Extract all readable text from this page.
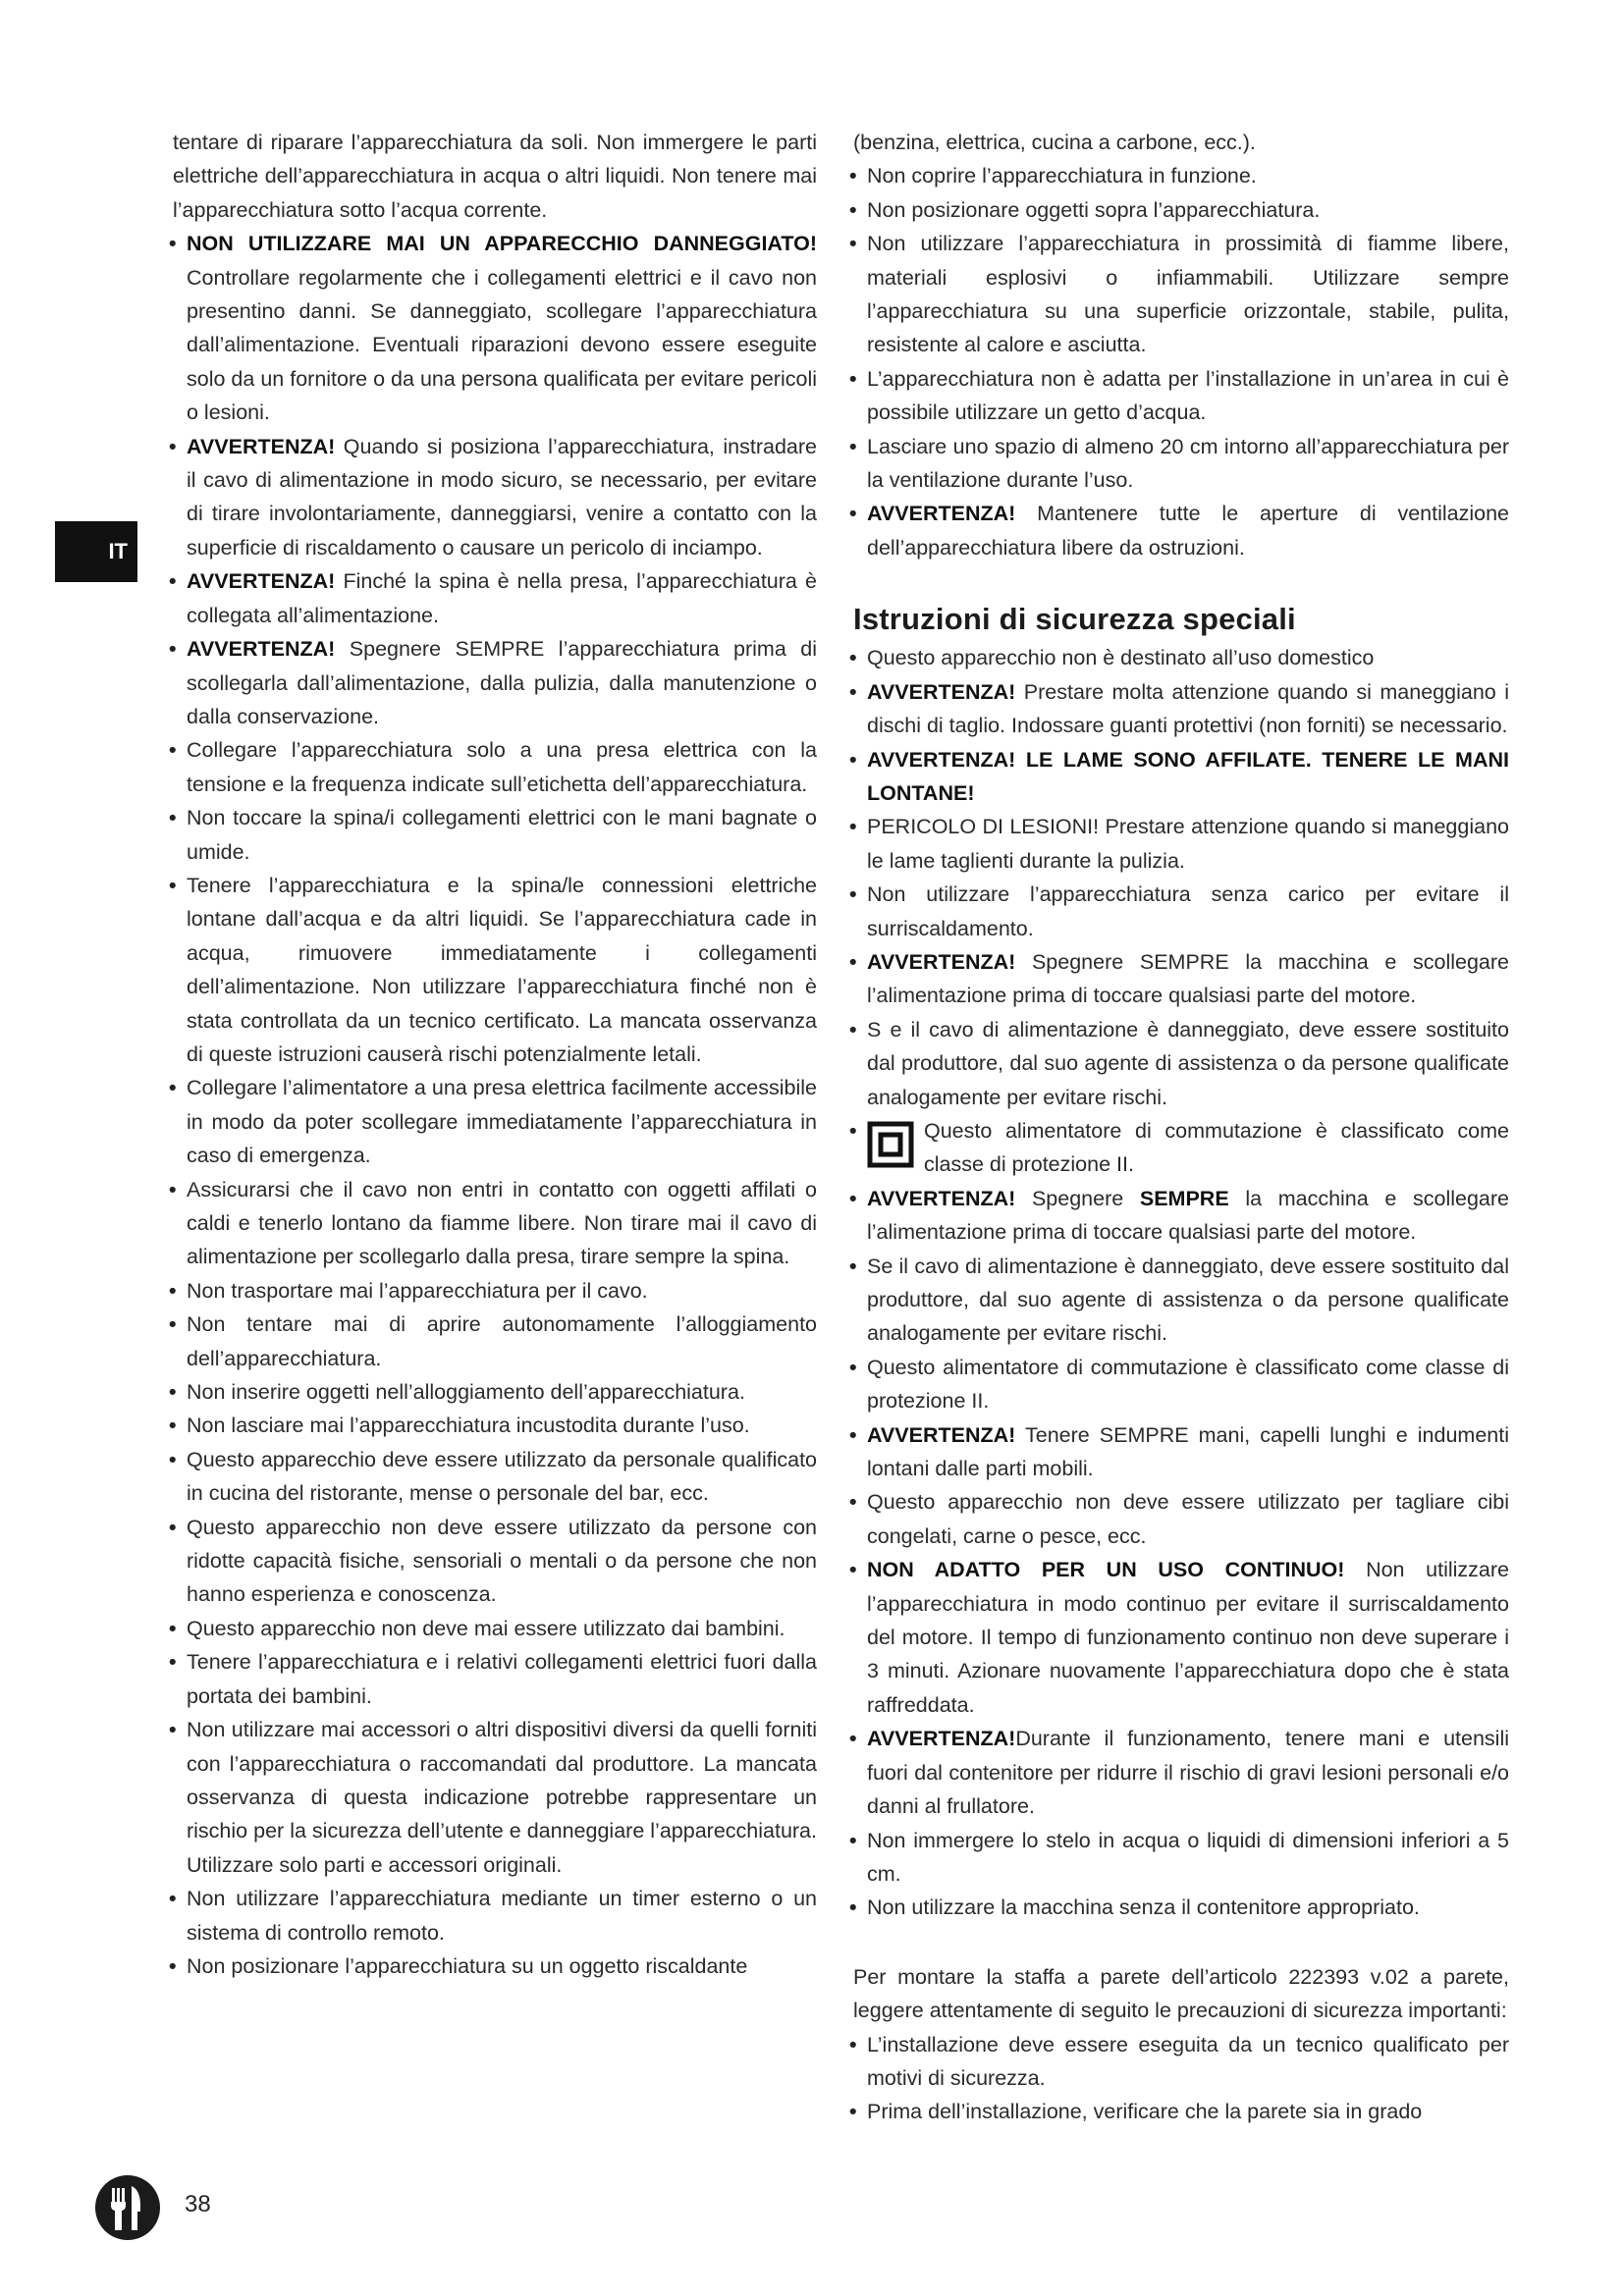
IT

tentare di riparare l’apparecchiatura da soli. Non immergere le parti elettriche dell’apparecchiatura in acqua o altri liquidi. Non tenere mai l’apparecchiatura sotto l’acqua corrente.

• NON UTILIZZARE MAI UN APPARECCHIO DANNEGGIATO! Controllare regolarmente che i collegamenti elettrici e il cavo non presentino danni. Se danneggiato, scollegare l’apparecchiatura dall’alimentazione. Eventuali riparazioni devono essere eseguite solo da un fornitore o da una persona qualificata per evitare pericoli o lesioni.
• AVVERTENZA! Quando si posiziona l’apparecchiatura, instradare il cavo di alimentazione in modo sicuro, se necessario, per evitare di tirare involontariamente, danneggiarsi, venire a contatto con la superficie di riscaldamento o causare un pericolo di inciampo.
• AVVERTENZA! Finché la spina è nella presa, l’apparecchiatura è collegata all’alimentazione.
• AVVERTENZA! Spegnere SEMPRE l’apparecchiatura prima di scollegarla dall’alimentazione, dalla pulizia, dalla manutenzione o dalla conservazione.
• Collegare l’apparecchiatura solo a una presa elettrica con la tensione e la frequenza indicate sull’etichetta dell’apparecchiatura.
• Non toccare la spina/i collegamenti elettrici con le mani bagnate o umide.
• Tenere l’apparecchiatura e la spina/le connessioni elettriche lontane dall’acqua e da altri liquidi. Se l’apparecchiatura cade in acqua, rimuovere immediatamente i collegamenti dell’alimentazione. Non utilizzare l’apparecchiatura finché non è stata controllata da un tecnico certificato. La mancata osservanza di queste istruzioni causerà rischi potenzialmente letali.
• Collegare l’alimentatore a una presa elettrica facilmente accessibile in modo da poter scollegare immediatamente l’apparecchiatura in caso di emergenza.
• Assicurarsi che il cavo non entri in contatto con oggetti affilati o caldi e tenerlo lontano da fiamme libere. Non tirare mai il cavo di alimentazione per scollegarlo dalla presa, tirare sempre la spina.
• Non trasportare mai l’apparecchiatura per il cavo.
• Non tentare mai di aprire autonomamente l’alloggiamento dell’apparecchiatura.
• Non inserire oggetti nell’alloggiamento dell’apparecchiatura.
• Non lasciare mai l’apparecchiatura incustodita durante l’uso.
• Questo apparecchio deve essere utilizzato da personale qualificato in cucina del ristorante, mense o personale del bar, ecc.
• Questo apparecchio non deve essere utilizzato da persone con ridotte capacità fisiche, sensoriali o mentali o da persone che non hanno esperienza e conoscenza.
• Questo apparecchio non deve mai essere utilizzato dai bambini.
• Tenere l’apparecchiatura e i relativi collegamenti elettrici fuori dalla portata dei bambini.
• Non utilizzare mai accessori o altri dispositivi diversi da quelli forniti con l’apparecchiatura o raccomandati dal produttore. La mancata osservanza di questa indicazione potrebbe rappresentare un rischio per la sicurezza dell’utente e danneggiare l’apparecchiatura. Utilizzare solo parti e accessori originali.
• Non utilizzare l’apparecchiatura mediante un timer esterno o un sistema di controllo remoto.
• Non posizionare l’apparecchiatura su un oggetto riscaldante

(benzina, elettrica, cucina a carbone, ecc.).

• Non coprire l’apparecchiatura in funzione.
• Non posizionare oggetti sopra l’apparecchiatura.
• Non utilizzare l’apparecchiatura in prossimità di fiamme libere, materiali esplosivi o infiammabili. Utilizzare sempre l’apparecchiatura su una superficie orizzontale, stabile, pulita, resistente al calore e asciutta.
• L’apparecchiatura non è adatta per l’installazione in un’area in cui è possibile utilizzare un getto d’acqua.
• Lasciare uno spazio di almeno 20 cm intorno all’apparecchiatura per la ventilazione durante l’uso.
• AVVERTENZA! Mantenere tutte le aperture di ventilazione dell’apparecchiatura libere da ostruzioni.
Istruzioni di sicurezza speciali
• Questo apparecchio non è destinato all’uso domestico
• AVVERTENZA! Prestare molta attenzione quando si maneggiano i dischi di taglio. Indossare guanti protettivi (non forniti) se necessario.
• AVVERTENZA! LE LAME SONO AFFILATE. TENERE LE MANI LONTANE!
• PERICOLO DI LESIONI! Prestare attenzione quando si maneggiano le lame taglienti durante la pulizia.
• Non utilizzare l’apparecchiatura senza carico per evitare il surriscaldamento.
• AVVERTENZA! Spegnere SEMPRE la macchina e scollegare l’alimentazione prima di toccare qualsiasi parte del motore.
• S e il cavo di alimentazione è danneggiato, deve essere sostituito dal produttore, dal suo agente di assistenza o da persone qualificate analogamente per evitare rischi.
• Questo alimentatore di commutazione è classificato come classe di protezione II.
• AVVERTENZA! Spegnere SEMPRE la macchina e scollegare l’alimentazione prima di toccare qualsiasi parte del motore.
• Se il cavo di alimentazione è danneggiato, deve essere sostituito dal produttore, dal suo agente di assistenza o da persone qualificate analogamente per evitare rischi.
• Questo alimentatore di commutazione è classificato come classe di protezione II.
• AVVERTENZA! Tenere SEMPRE mani, capelli lunghi e indumenti lontani dalle parti mobili.
• Questo apparecchio non deve essere utilizzato per tagliare cibi congelati, carne o pesce, ecc.
• NON ADATTO PER UN USO CONTINUO! Non utilizzare l’apparecchiatura in modo continuo per evitare il surriscaldamento del motore. Il tempo di funzionamento continuo non deve superare i 3 minuti. Azionare nuovamente l’apparecchiatura dopo che è stata raffreddata.
• AVVERTENZA!Durante il funzionamento, tenere mani e utensili fuori dal contenitore per ridurre il rischio di gravi lesioni personali e/o danni al frullatore.
• Non immergere lo stelo in acqua o liquidi di dimensioni inferiori a 5 cm.
• Non utilizzare la macchina senza il contenitore appropriato.

Per montare la staffa a parete dell’articolo 222393 v.02 a parete, leggere attentamente di seguito le precauzioni di sicurezza importanti:

• L’installazione deve essere eseguita da un tecnico qualificato per motivi di sicurezza.
• Prima dell’installazione, verificare che la parete sia in grado
38
